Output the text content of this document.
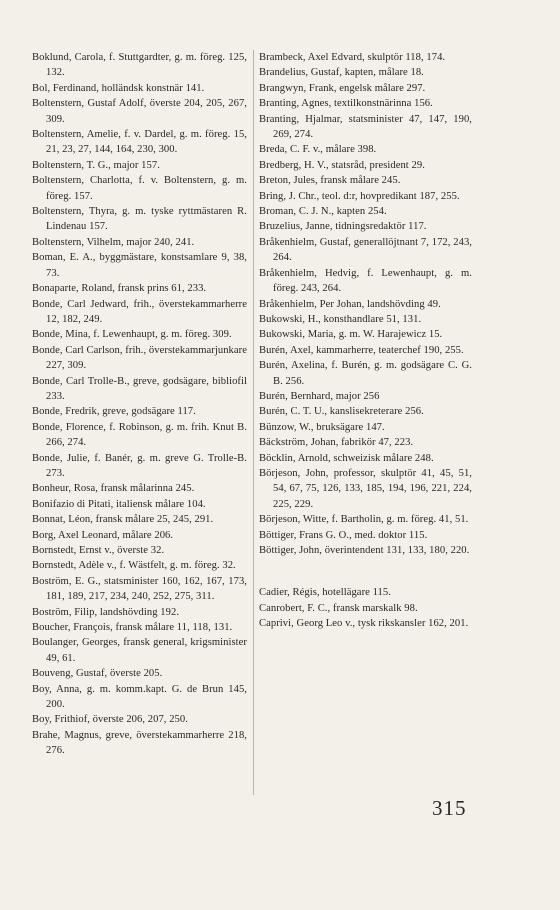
Boklund, Carola, f. Stuttgardter, g. m. föreg. 125, 132.

Bol, Ferdinand, holländsk konstnär 141.

Boltenstern, Gustaf Adolf, överste 204, 205, 267, 309.

Boltenstern, Amelie, f. v. Dardel, g. m. föreg. 15, 21, 23, 27, 144, 164, 230, 300.

Boltenstern, T. G., major 157.

Boltenstern, Charlotta, f. v. Boltenstern, g. m. föreg. 157.

Boltenstern, Thyra, g. m. tyske ryttmästaren R. Lindenau 157.

Boltenstern, Vilhelm, major 240, 241.

Boman, E. A., byggmästare, konstsamlare 9, 38, 73.

Bonaparte, Roland, fransk prins 61, 233.

Bonde, Carl Jedward, frih., överstekammarherre 12, 182, 249.

Bonde, Mina, f. Lewenhaupt, g. m. föreg. 309.

Bonde, Carl Carlson, frih., överstekammarjunkare 227, 309.

Bonde, Carl Trolle-B., greve, godsägare, bibliofil 233.

Bonde, Fredrik, greve, godsägare 117.

Bonde, Florence, f. Robinson, g. m. frih. Knut B. 266, 274.

Bonde, Julie, f. Banér, g. m. greve G. Trolle-B. 273.

Bonheur, Rosa, fransk målarinna 245.

Bonifazio di Pitati, italiensk målare 104.

Bonnat, Léon, fransk målare 25, 245, 291.

Borg, Axel Leonard, målare 206.

Bornstedt, Ernst v., överste 32.

Bornstedt, Adèle v., f. Wästfelt, g. m. föreg. 32.

Boström, E. G., statsminister 160, 162, 167, 173, 181, 189, 217, 234, 240, 252, 275, 311.

Boström, Filip, landshövding 192.

Boucher, François, fransk målare 11, 118, 131.

Boulanger, Georges, fransk general, krigsminister 49, 61.

Bouveng, Gustaf, överste 205.

Boy, Anna, g. m. komm.kapt. G. de Brun 145, 200.

Boy, Frithiof, överste 206, 207, 250.

Brahe, Magnus, greve, överstekammarherre 218, 276.

Brambeck, Axel Edvard, skulptör 118, 174.

Brandelius, Gustaf, kapten, målare 18.

Brangwyn, Frank, engelsk målare 297.

Branting, Agnes, textilkonstnärinna 156.

Branting, Hjalmar, statsminister 47, 147, 190, 269, 274.

Breda, C. F. v., målare 398.

Bredberg, H. V., statsråd, president 29.

Breton, Jules, fransk målare 245.

Bring, J. Chr., teol. d:r, hovpredikant 187, 255.

Broman, C. J. N., kapten 254.

Bruzelius, Janne, tidningsredaktör 117.

Bråkenhielm, Gustaf, generallöjtnant 7, 172, 243, 264.

Bråkenhielm, Hedvig, f. Lewenhaupt, g. m. föreg. 243, 264.

Bråkenhielm, Per Johan, landshövding 49.

Bukowski, H., konsthandlare 51, 131.

Bukowski, Maria, g. m. W. Harajewicz 15.

Burén, Axel, kammarherre, teaterchef 190, 255.

Burén, Axelina, f. Burén, g. m. godsägare C. G. B. 256.

Burén, Bernhard, major 256

Burén, C. T. U., kanslisekreterare 256.

Bünzow, W., bruksägare 147.

Bäckström, Johan, fabrikör 47, 223.

Böcklin, Arnold, schweizisk målare 248.

Börjeson, John, professor, skulptör 41, 45, 51, 54, 67, 75, 126, 133, 185, 194, 196, 221, 224, 225, 229.

Börjeson, Witte, f. Bartholin, g. m. föreg. 41, 51.

Böttiger, Frans G. O., med. doktor 115.

Böttiger, John, överintendent 131, 133, 180, 220.

Cadier, Régis, hotellägare 115.

Canrobert, F. C., fransk marskalk 98.

Caprivi, Georg Leo v., tysk rikskansler 162, 201.

315
